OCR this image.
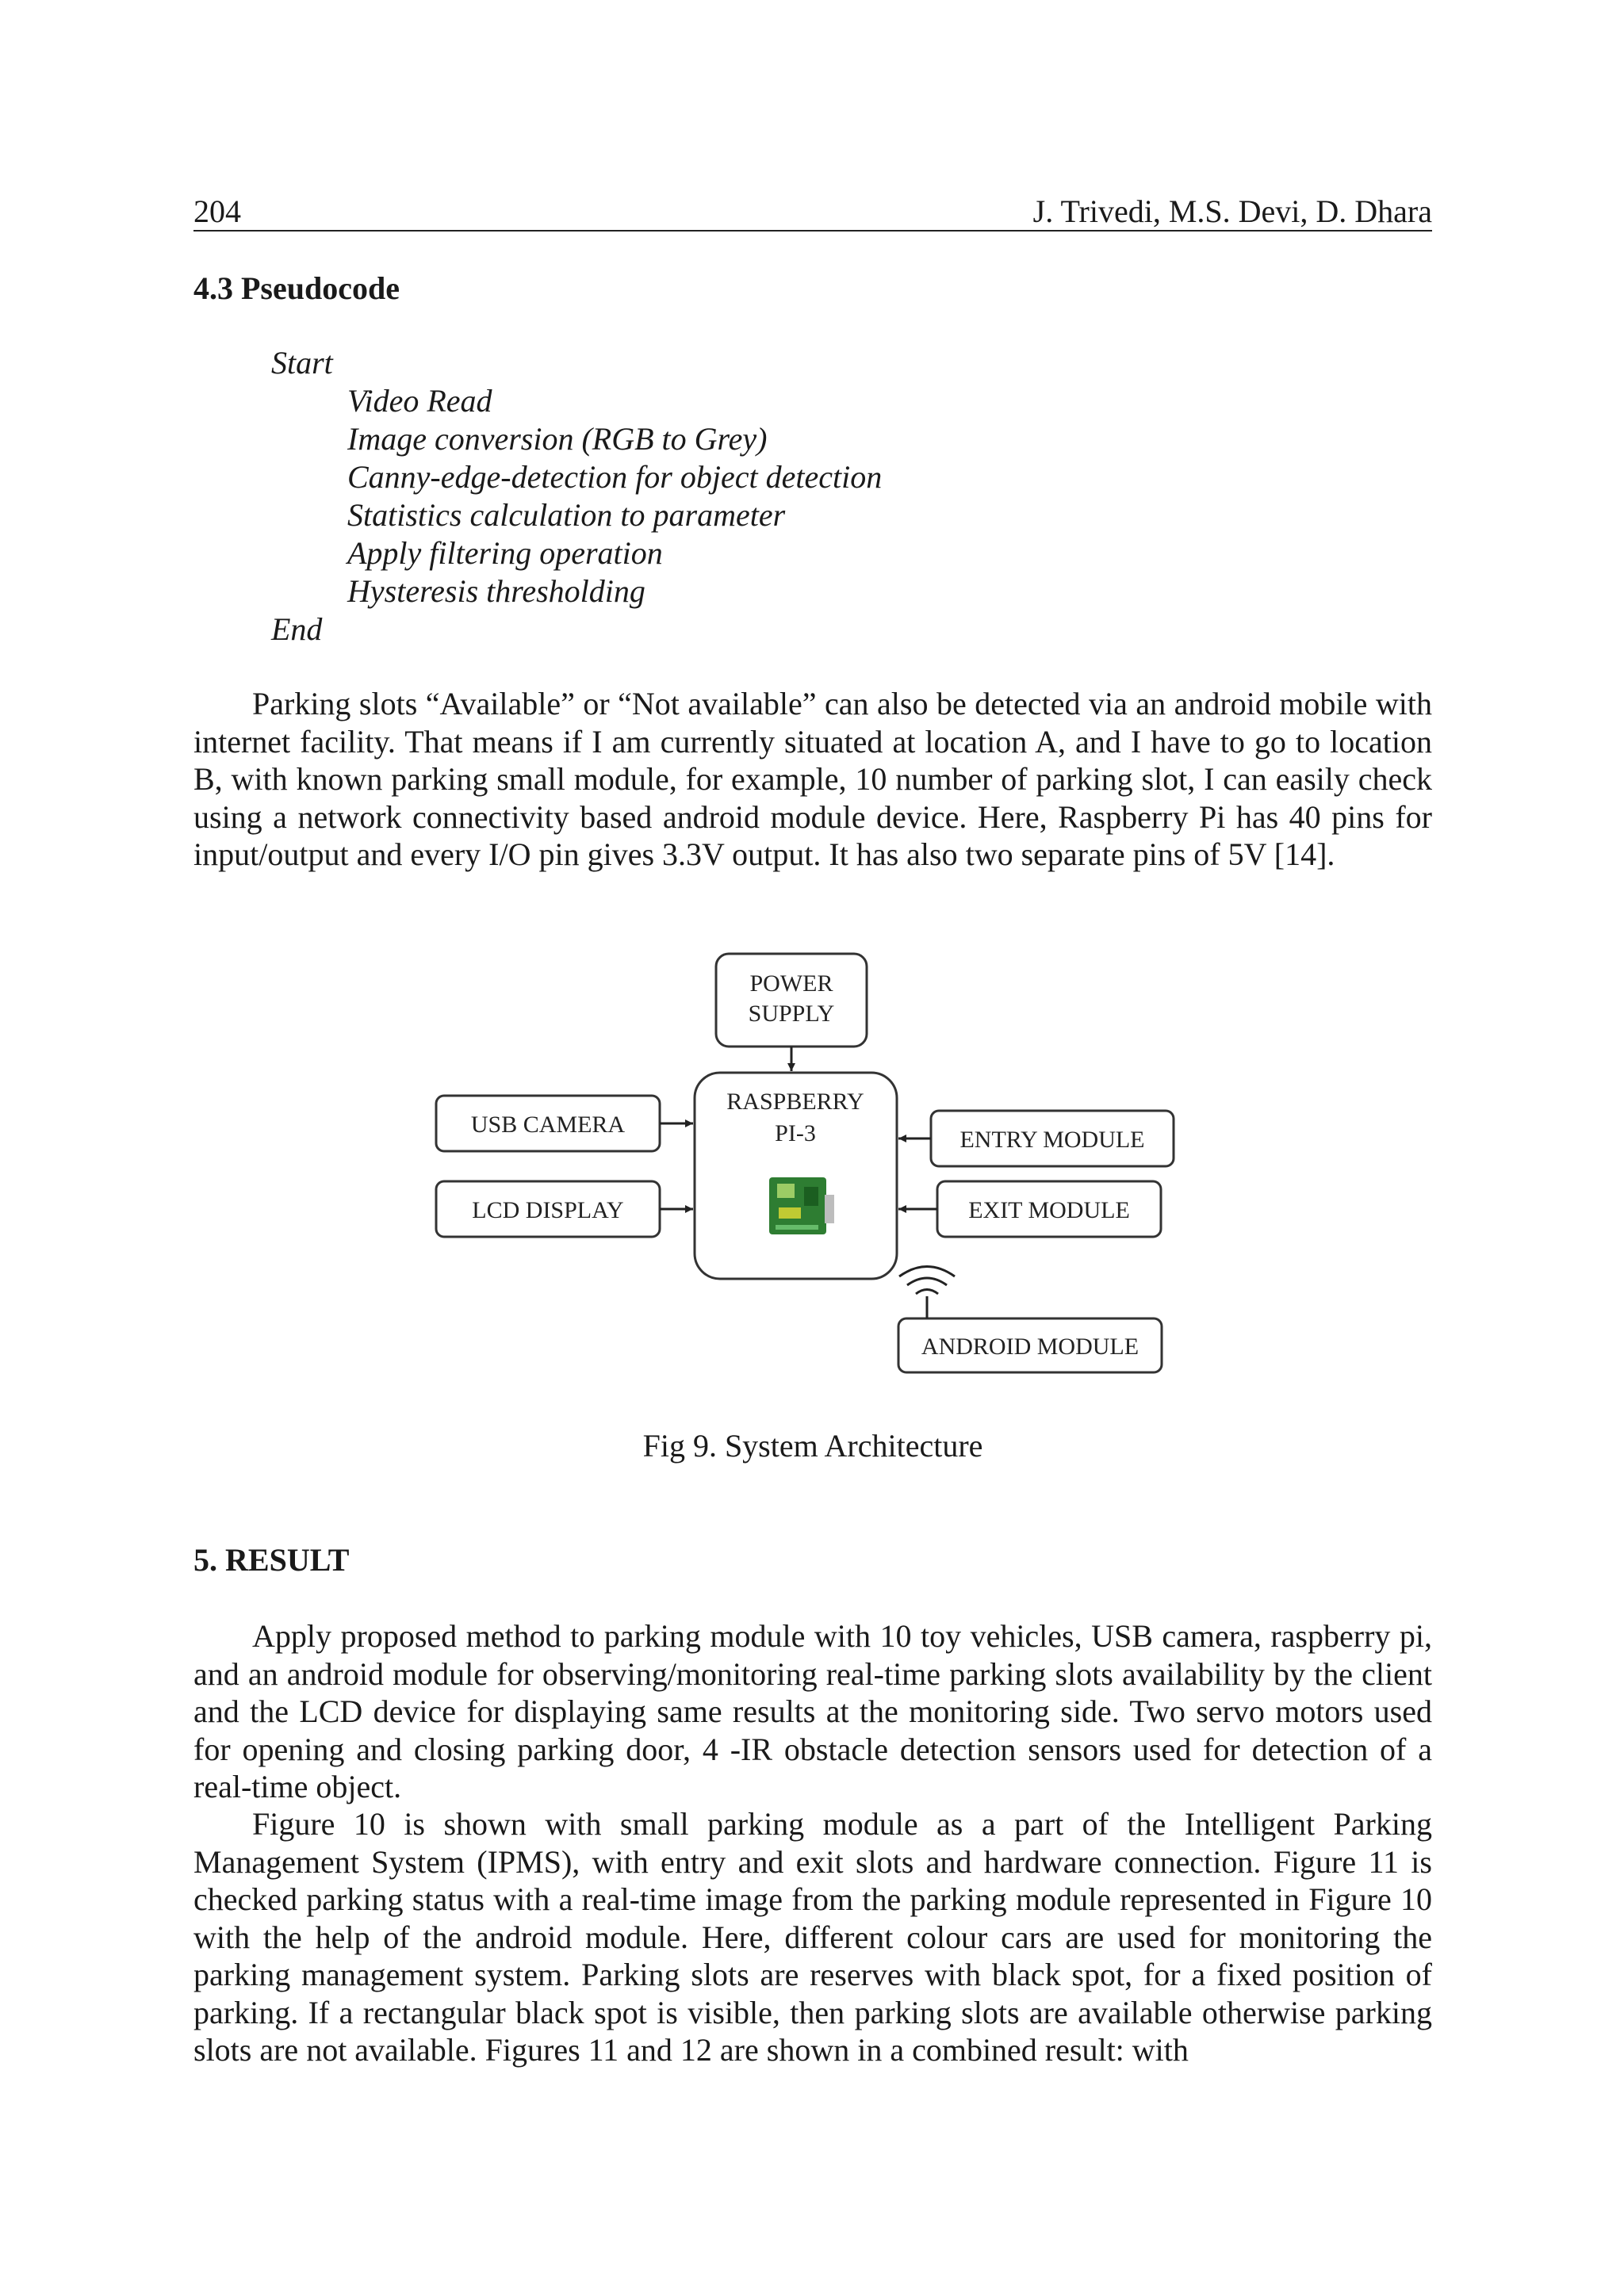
204	J. Trivedi, M.S. Devi, D. Dhara
4.3 Pseudocode
Start
Video Read
Image conversion (RGB to Grey)
Canny-edge-detection for object detection
Statistics calculation to parameter
Apply filtering operation
Hysteresis thresholding
End

Parking slots “Available” or “Not available” can also be detected via an android mobile with internet facility. That means if I am currently situated at location A, and I have to go to location B, with known parking small module, for example, 10 number of parking slot, I can easily check using a network connectivity based android module device. Here, Raspberry Pi has 40 pins for input/output and every I/O pin gives 3.3V output. It has also two separate pins of 5V [14].

POWER
SUPPLY
RASPBERRY
PI-3
USB CAMERA
LCD DISPLAY
ENTRY MODULE
EXIT MODULE
ANDROID MODULE
Fig 9. System Architecture
5. RESULT

Apply proposed method to parking module with 10 toy vehicles, USB camera, raspberry pi, and an android module for observing/monitoring real-time parking slots availability by the client and the LCD device for displaying same results at the monitoring side. Two servo motors used for opening and closing parking door, 4 -IR obstacle detection sensors used for detection of a real-time object.

Figure 10 is shown with small parking module as a part of the Intelligent Parking Management System (IPMS), with entry and exit slots and hardware connection. Figure 11 is checked parking status with a real-time image from the parking module represented in Figure 10 with the help of the android module. Here, different colour cars are used for monitoring the parking management system. Parking slots are reserves with black spot, for a fixed position of parking. If a rectangular black spot is visible, then parking slots are available otherwise parking slots are not available. Figures 11 and 12 are shown in a combined result: with
